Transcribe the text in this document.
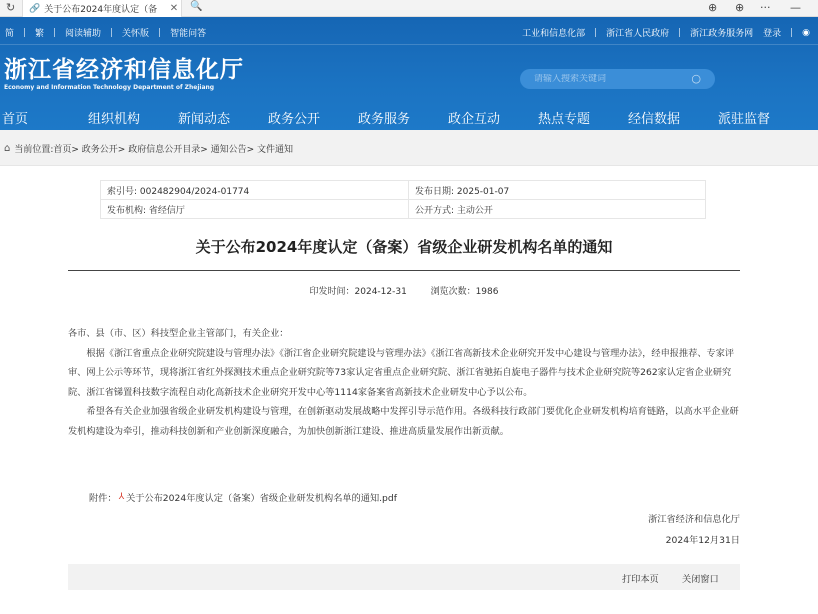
↻ 🔗 关于公布2024年度认定（备	✕ 🔍	⊕ ⊕ ··· —
简 繁 阅读辅助 关怀版 智能问答	工业和信息化部 浙江省人民政府 浙江政务服务网 登录 ◉
浙江省经济和信息化厅
Economy and Information Technology Department of Zhejiang
请输入搜索关键词
○
首页	组织机构	新闻动态	政务公开	政务服务	政企互动	热点专题	经信数据	派驻监督
⌂ 当前位置:首页> 政务公开> 政府信息公开目录> 通知公告> 文件通知
索引号: 002482904/2024-01774	发布日期: 2025-01-07
发布机构: 省经信厅	公开方式: 主动公开
关于公布2024年度认定（备案）省级企业研发机构名单的通知
印发时间：2024-12-31	浏览次数：1986

各市、县（市、区）科技型企业主管部门，有关企业：

根据《浙江省重点企业研究院建设与管理办法》《浙江省企业研究院建设与管理办法》《浙江省高新技术企业研究开发中心建设与管理办法》，经申报推荐、专家评审、网上公示等环节，现将浙江省红外探测技术重点企业研究院等73家认定省重点企业研究院、浙江省驰拓自旋电子器件与技术企业研究院等262家认定省企业研究院、浙江省锑置科技数字流程自动化高新技术企业研究开发中心等1114家备案省高新技术企业研发中心予以公布。

希望各有关企业加强省级企业研发机构建设与管理，在创新驱动发展战略中发挥引导示范作用。各级科技行政部门要优化企业研发机构培育链路，以高水平企业研发机构建设为牵引，推动科技创新和产业创新深度融合，为加快创新浙江建设、推进高质量发展作出新贡献。

附件： ⅄ 关于公布2024年度认定（备案）省级企业研发机构名单的通知.pdf
浙江省经济和信息化厅
2024年12月31日
打印本页	关闭窗口
